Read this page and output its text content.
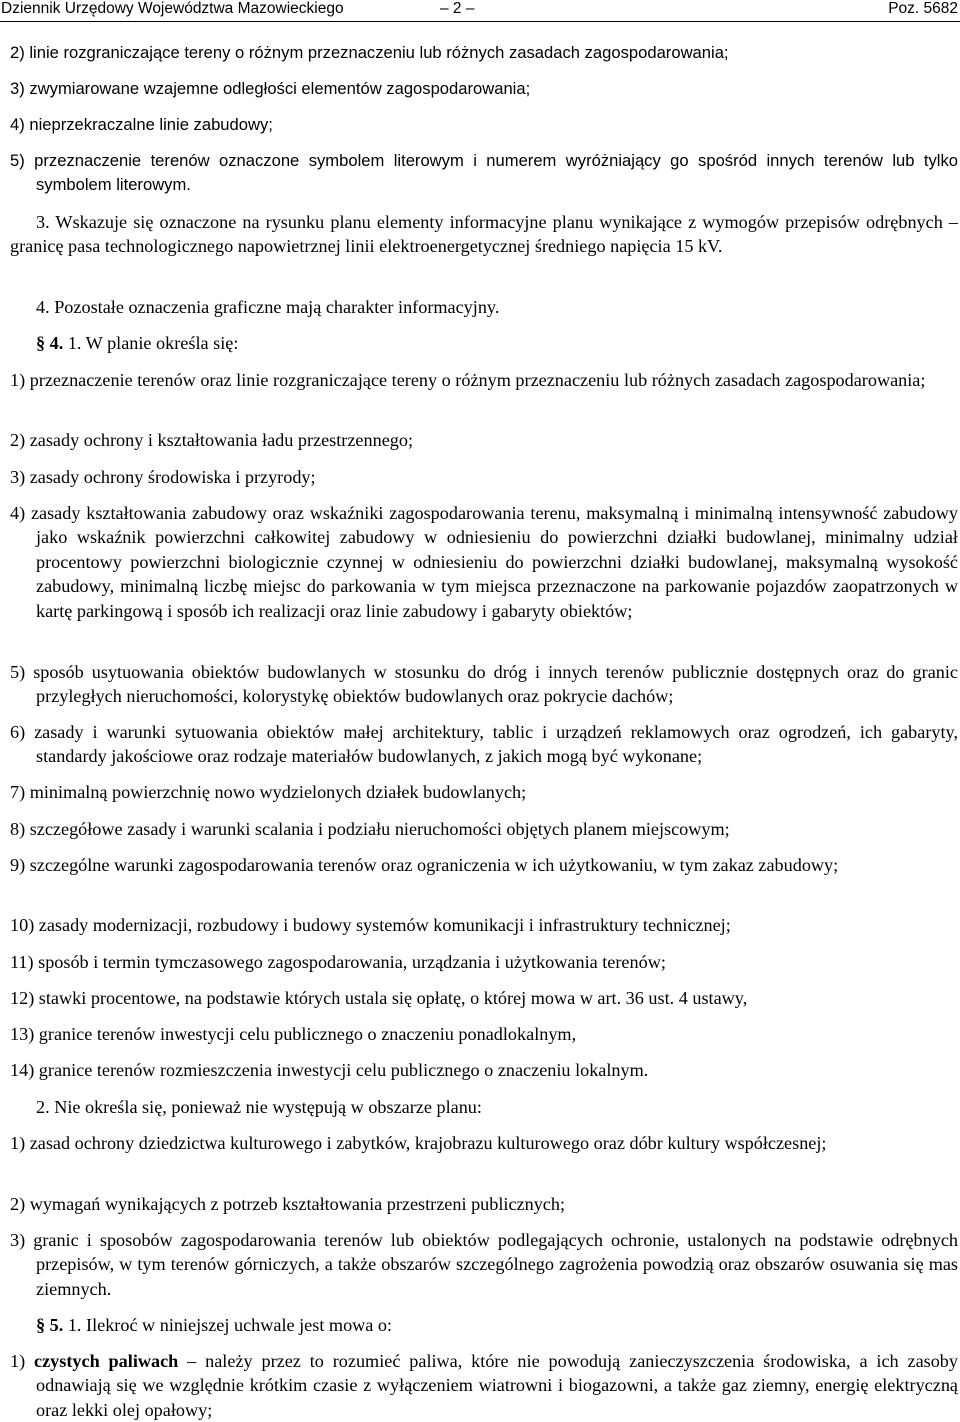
Dziennik Urzędowy Województwa Mazowieckiego	– 2 –	Poz. 5682

2) linie rozgraniczające tereny o różnym przeznaczeniu lub różnych zasadach zagospodarowania;

3) zwymiarowane wzajemne odległości elementów zagospodarowania;

4) nieprzekraczalne linie zabudowy;

5) przeznaczenie terenów oznaczone symbolem literowym i numerem wyróżniający go spośród innych terenów lub tylko symbolem literowym.

3. Wskazuje się oznaczone na rysunku planu elementy informacyjne planu wynikające z wymogów przepisów odrębnych – granicę pasa technologicznego napowietrznej linii elektroenergetycznej średniego napięcia 15 kV.

4. Pozostałe oznaczenia graficzne mają charakter informacyjny.

§ 4. 1. W planie określa się:

1) przeznaczenie terenów oraz linie rozgraniczające tereny o różnym przeznaczeniu lub różnych zasadach zagospodarowania;

2) zasady ochrony i kształtowania ładu przestrzennego;

3) zasady ochrony środowiska i przyrody;

4) zasady kształtowania zabudowy oraz wskaźniki zagospodarowania terenu, maksymalną i minimalną intensywność zabudowy jako wskaźnik powierzchni całkowitej zabudowy w odniesieniu do powierzchni działki budowlanej, minimalny udział procentowy powierzchni biologicznie czynnej w odniesieniu do powierzchni działki budowlanej, maksymalną wysokość zabudowy, minimalną liczbę miejsc do parkowania w tym miejsca przeznaczone na parkowanie pojazdów zaopatrzonych w kartę parkingową i sposób ich realizacji oraz linie zabudowy i gabaryty obiektów;

5) sposób usytuowania obiektów budowlanych w stosunku do dróg i innych terenów publicznie dostępnych oraz do granic przyległych nieruchomości, kolorystykę obiektów budowlanych oraz pokrycie dachów;

6) zasady i warunki sytuowania obiektów małej architektury, tablic i urządzeń reklamowych oraz ogrodzeń, ich gabaryty, standardy jakościowe oraz rodzaje materiałów budowlanych, z jakich mogą być wykonane;

7) minimalną powierzchnię nowo wydzielonych działek budowlanych;

8) szczegółowe zasady i warunki scalania i podziału nieruchomości objętych planem miejscowym;

9) szczególne warunki zagospodarowania terenów oraz ograniczenia w ich użytkowaniu, w tym zakaz zabudowy;

10) zasady modernizacji, rozbudowy i budowy systemów komunikacji i infrastruktury technicznej;

11) sposób i termin tymczasowego zagospodarowania, urządzania i użytkowania terenów;

12) stawki procentowe, na podstawie których ustala się opłatę, o której mowa w art. 36 ust. 4 ustawy,

13) granice terenów inwestycji celu publicznego o znaczeniu ponadlokalnym,

14) granice terenów rozmieszczenia inwestycji celu publicznego o znaczeniu lokalnym.

2. Nie określa się, ponieważ nie występują w obszarze planu:

1) zasad ochrony dziedzictwa kulturowego i zabytków, krajobrazu kulturowego oraz dóbr kultury współczesnej;

2) wymagań wynikających z potrzeb kształtowania przestrzeni publicznych;

3) granic i sposobów zagospodarowania terenów lub obiektów podlegających ochronie, ustalonych na podstawie odrębnych przepisów, w tym terenów górniczych, a także obszarów szczególnego zagrożenia powodzią oraz obszarów osuwania się mas ziemnych.

§ 5. 1. Ilekroć w niniejszej uchwale jest mowa o:

1) czystych paliwach – należy przez to rozumieć paliwa, które nie powodują zanieczyszczenia środowiska, a ich zasoby odnawiają się we względnie krótkim czasie z wyłączeniem wiatrowni i biogazowni, a także gaz ziemny, energię elektryczną oraz lekki olej opałowy;
